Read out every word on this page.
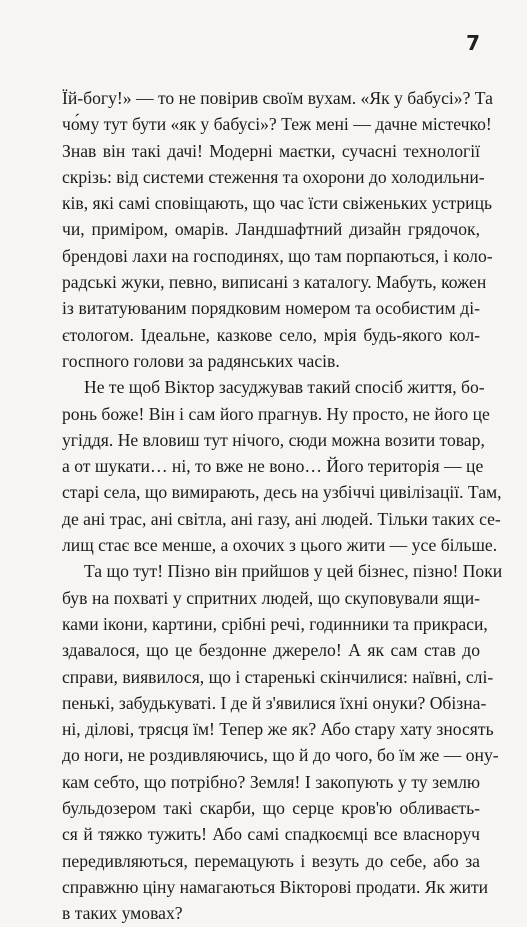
7
Їй-богу!» — то не повірив своїм вухам. «Як у бабусі»? Та
чо́му тут бути «як у бабусі»? Теж мені — дачне містечко!
Знав він такі дачі! Модерні маєтки, сучасні технології
скрізь: від системи стеження та охорони до холодильни-
ків, які самі сповіщають, що час їсти свіженьких устриць
чи, приміром, омарів. Ландшафтний дизайн грядочок,
брендові лахи на господинях, що там порпаються, і коло-
радські жуки, певно, виписані з каталогу. Мабуть, кожен
із витатуюваним порядковим номером та особистим ді-
єтологом. Ідеальне, казкове село, мрія будь-якого кол-
госпного голови за радянських часів.
Не те щоб Віктор засуджував такий спосіб життя, бо-
ронь боже! Він і сам його прагнув. Ну просто, не його це
угіддя. Не вловиш тут нічого, сюди можна возити товар,
а от шукати… ні, то вже не воно… Його територія — це
старі села, що вимирають, десь на узбіччі цивілізації. Там,
де ані трас, ані світла, ані газу, ані людей. Тільки таких се-
лищ стає все менше, а охочих з цього жити — усе більше.
Та що тут! Пізно він прийшов у цей бізнес, пізно! Поки
був на похваті у спритних людей, що скуповували ящи-
ками ікони, картини, срібні речі, годинники та прикраси,
здавалося, що це бездонне джерело! А як сам став до
справи, виявилося, що і старенькі скінчилися: наївні, слі-
пенькі, забудькуваті. І де й з'явилися їхні онуки? Обізна-
ні, ділові, трясця їм! Тепер же як? Або стару хату зносять
до ноги, не роздивляючись, що й до чого, бо їм же — ону-
кам себто, що потрібно? Земля! І закопують у ту землю
бульдозером такі скарби, що серце кров'ю обливаєть-
ся й тяжко тужить! Або самі спадкоємці все власноруч
передивляються, перемацують і везуть до себе, або за
справжню ціну намагаються Вікторові продати. Як жити
в таких умовах?
